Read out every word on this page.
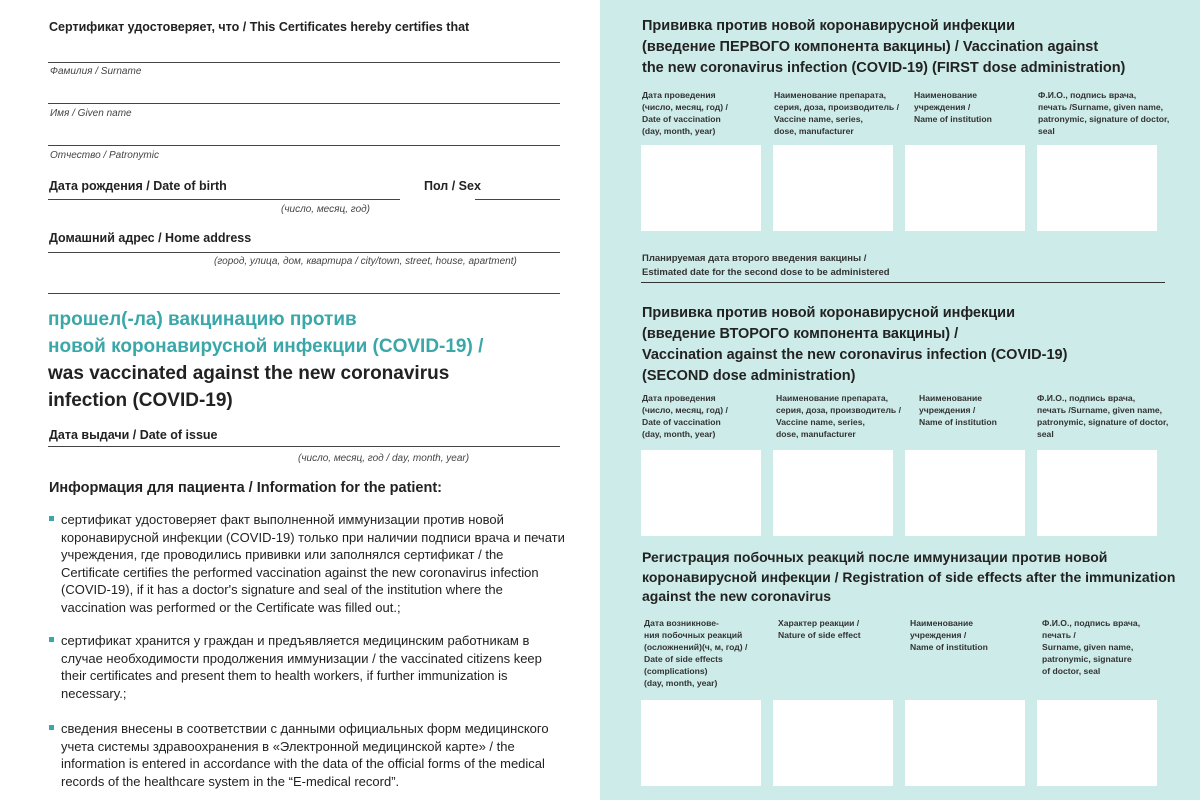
Сертификат удостоверяет, что / This Certificates hereby certifies that
Фамилия / Surname
Имя / Given name
Отчество / Patronymic
Дата рождения / Date of birth
(число, месяц, год)
Пол / Sex
Домашний адрес / Home address
(город, улица, дом, квартира / city/town, street, house, apartment)
прошел(-ла) вакцинацию против
новой коронавирусной инфекции (COVID-19) /
was vaccinated against the new coronavirus
infection (COVID-19)
Дата выдачи / Date of issue
(число, месяц, год / day, month, year)
Информация для пациента / Information for the patient:
сертификат удостоверяет факт выполненной иммунизации против новой
коронавирусной инфекции (COVID-19) только при наличии подписи врача и печати
учреждения, где проводились прививки или заполнялся сертификат / the
Certificate certifies the performed vaccination against the new coronavirus infection
(COVID-19), if it has a doctor's signature and seal of the institution where the
vaccination was performed or the Certificate was filled out.;
сертификат хранится у граждан и предъявляется медицинским работникам в
случае необходимости продолжения иммунизации / the vaccinated citizens keep
their certificates and present them to health workers, if further immunization is
necessary.;
сведения внесены в соответствии с данными официальных форм медицинского
учета системы здравоохранения в «Электронной медицинской карте» / the
information is entered in accordance with the data of the official forms of the medical
records of the healthcare system in the “E-medical record”.
Прививка против новой коронавирусной инфекции
(введение ПЕРВОГО компонента вакцины) / Vaccination against
the new coronavirus infection (COVID-19) (FIRST dose administration)
Дата проведения
(число, месяц, год) /
Date of vaccination
(day, month, year)
Наименование препарата,
серия, доза, производитель /
Vaccine name, series,
dose, manufacturer
Наименование
учреждения /
Name of institution
Ф.И.О., подпись врача,
печать /Surname, given name,
patronymic, signature of doctor,
seal
Планируемая дата второго введения вакцины /
Estimated date for the second dose to be administered
Прививка против новой коронавирусной инфекции
(введение ВТОРОГО компонента вакцины) /
Vaccination against the new coronavirus infection (COVID-19)
(SECOND dose administration)
Дата проведения
(число, месяц, год) /
Date of vaccination
(day, month, year)
Наименование препарата,
серия, доза, производитель /
Vaccine name, series,
dose, manufacturer
Наименование
учреждения /
Name of institution
Ф.И.О., подпись врача,
печать /Surname, given name,
patronymic, signature of doctor,
seal
Регистрация побочных реакций после иммунизации против новой
коронавирусной инфекции / Registration of side effects after the immunization
against the new coronavirus
Дата возникнове-
ния побочных реакций
(осложнений)(ч, м, год) /
Date of side effects
(complications)
(day, month, year)
Характер реакции /
Nature of side effect
Наименование
учреждения /
Name of institution
Ф.И.О., подпись врача,
печать /
Surname, given name,
patronymic, signature
of doctor, seal
